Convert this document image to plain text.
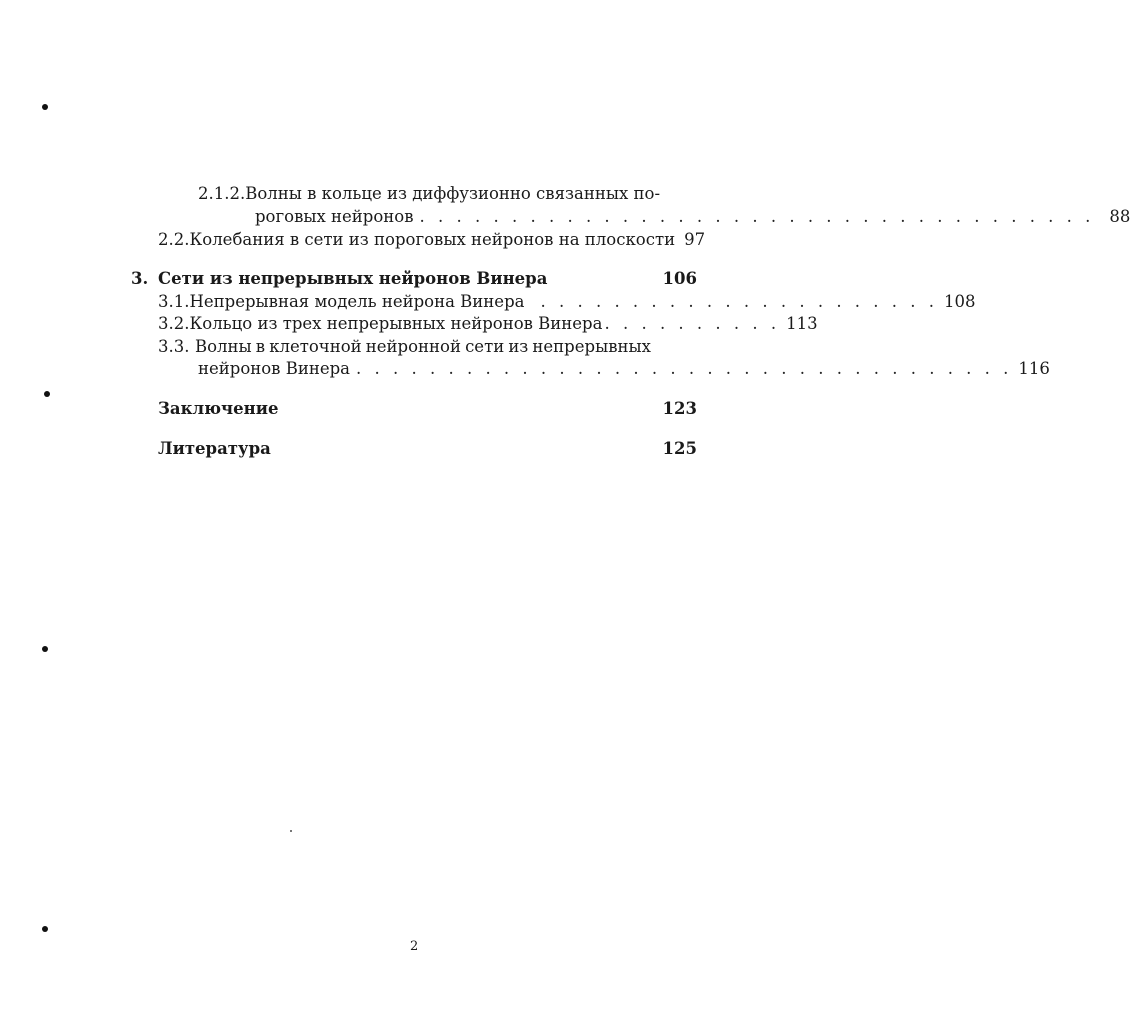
2.1.2. Волны в кольце из диффузионно связанных по-
роговых нейронов . . . . . . . . . . . . . . . . . . . . . . . . . . . . . . . . . . . . . 88
2.2. Колебания в сети из пороговых нейронов на плоскости 97
3. Сети из непрерывных нейронов Винера	106
3.1. Непрерывная модель нейрона Винера . . . . . . . . . . . . . . . . . . . . . . 108
3.2. Кольцо из трех непрерывных нейронов Винера . . . . . . . . . . 113
3.3. Волны в клеточной нейронной сети из непрерывных
нейронов Винера . . . . . . . . . . . . . . . . . . . . . . . . . . . . . . . . . . . . 116
Заключение	123
Литература	125
2
